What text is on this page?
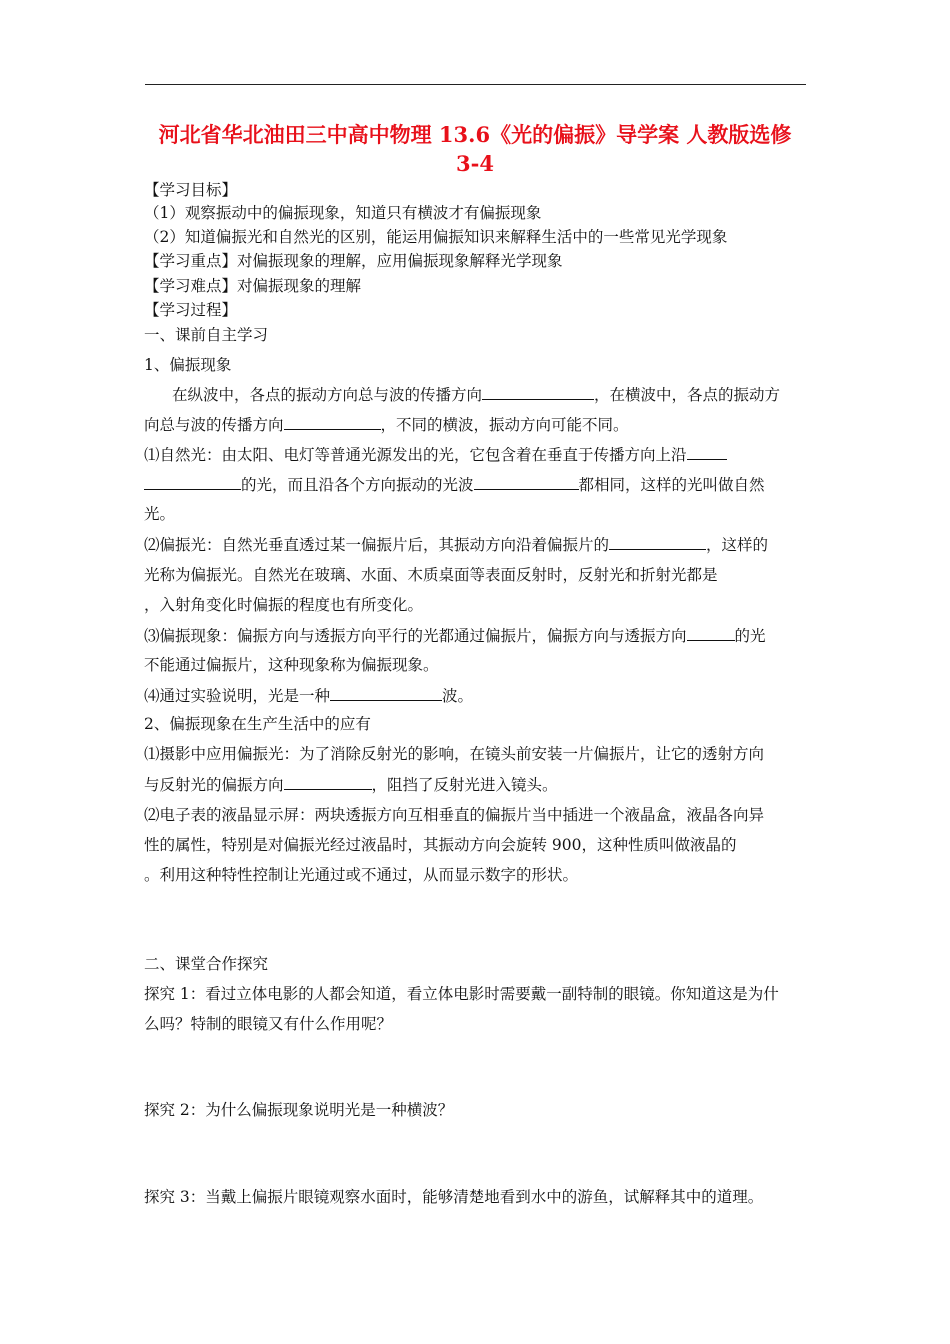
河北省华北油田三中高中物理 13.6《光的偏振》导学案 人教版选修
3-4
【学习目标】
（1）观察振动中的偏振现象，知道只有横波才有偏振现象
（2）知道偏振光和自然光的区别，能运用偏振知识来解释生活中的一些常见光学现象
【学习重点】对偏振现象的理解，应用偏振现象解释光学现象
【学习难点】对偏振现象的理解
【学习过程】
一、课前自主学习
1、偏振现象
在纵波中，各点的振动方向总与波的传播方向	，在横波中，各点的振动方
向总与波的传播方向	，不同的横波，振动方向可能不同。
⑴自然光：由太阳、电灯等普通光源发出的光，它包含着在垂直于传播方向上沿
的光，而且沿各个方向振动的光波	都相同，这样的光叫做自然
光。
⑵偏振光：自然光垂直透过某一偏振片后，其振动方向沿着偏振片的	，这样的
光称为偏振光。自然光在玻璃、水面、木质桌面等表面反射时，反射光和折射光都是
，入射角变化时偏振的程度也有所变化。
⑶偏振现象：偏振方向与透振方向平行的光都通过偏振片，偏振方向与透振方向	的光
不能通过偏振片，这种现象称为偏振现象。
⑷通过实验说明，光是一种	波。
2、偏振现象在生产生活中的应有
⑴摄影中应用偏振光：为了消除反射光的影响，在镜头前安装一片偏振片，让它的透射方向
与反射光的偏振方向	，阻挡了反射光进入镜头。
⑵电子表的液晶显示屏：两块透振方向互相垂直的偏振片当中插进一个液晶盒，液晶各向异
性的属性，特别是对偏振光经过液晶时，其振动方向会旋转 900，这种性质叫做液晶的
。利用这种特性控制让光通过或不通过，从而显示数字的形状。
二、课堂合作探究
探究 1：看过立体电影的人都会知道，看立体电影时需要戴一副特制的眼镜。你知道这是为什
么吗？特制的眼镜又有什么作用呢？
探究 2：为什么偏振现象说明光是一种横波？
探究 3：当戴上偏振片眼镜观察水面时，能够清楚地看到水中的游鱼，试解释其中的道理。
